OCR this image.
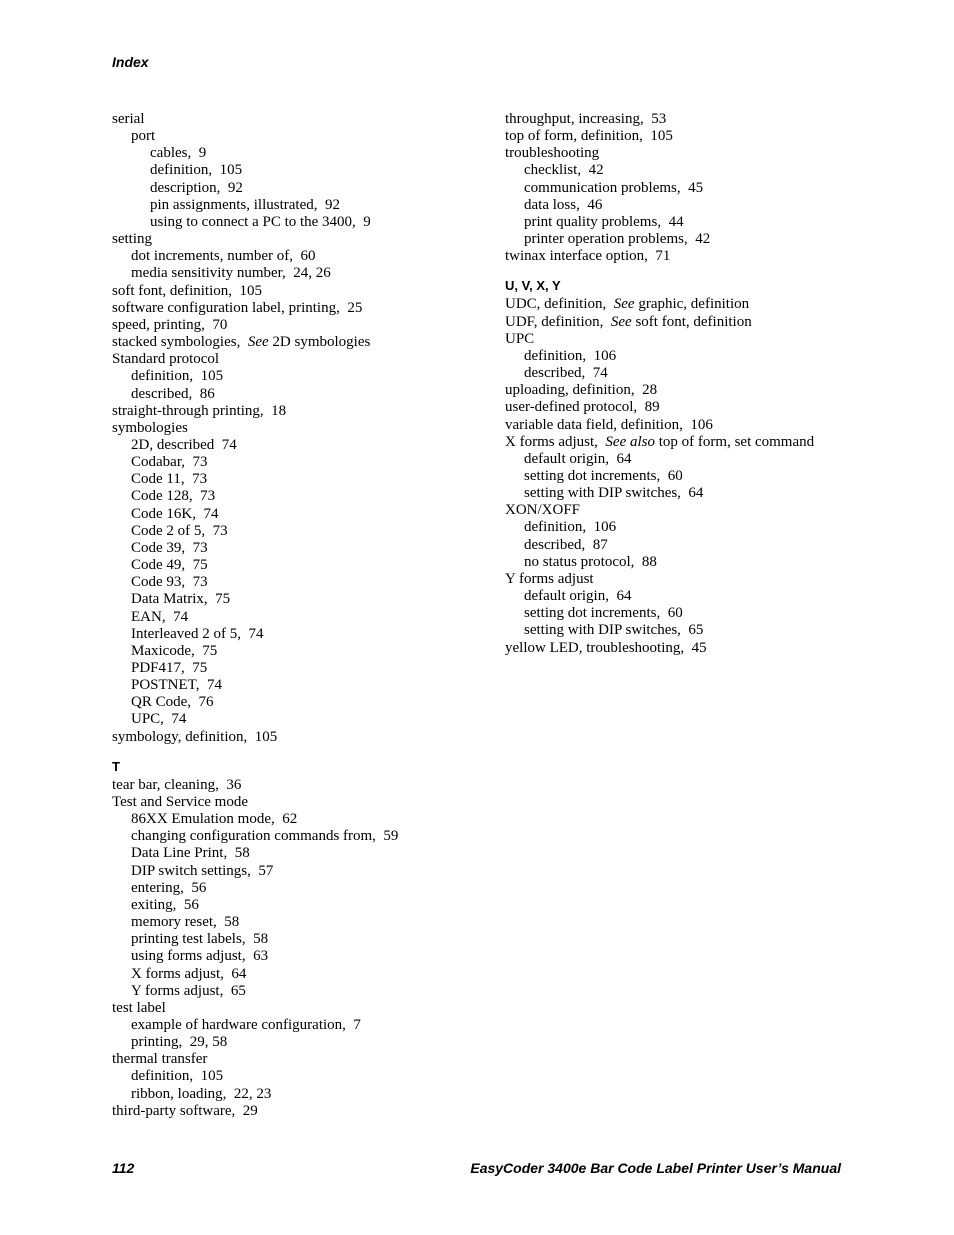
Index
serial
port
cables,  9
definition,  105
description,  92
pin assignments, illustrated,  92
using to connect a PC to the 3400,  9
setting
dot increments, number of,  60
media sensitivity number,  24, 26
soft font, definition,  105
software configuration label, printing,  25
speed, printing,  70
stacked symbologies, See 2D symbologies
Standard protocol
definition,  105
described,  86
straight-through printing,  18
symbologies
2D, described  74
Codabar,  73
Code 11,  73
Code 128,  73
Code 16K,  74
Code 2 of 5,  73
Code 39,  73
Code 49,  75
Code 93,  73
Data Matrix,  75
EAN,  74
Interleaved 2 of 5,  74
Maxicode,  75
PDF417,  75
POSTNET,  74
QR Code,  76
UPC,  74
symbology, definition,  105
T
tear bar, cleaning,  36
Test and Service mode
86XX Emulation mode,  62
changing configuration commands from,  59
Data Line Print,  58
DIP switch settings,  57
entering,  56
exiting,  56
memory reset,  58
printing test labels,  58
using forms adjust,  63
X forms adjust,  64
Y forms adjust,  65
test label
example of hardware configuration,  7
printing,  29, 58
thermal transfer
definition,  105
ribbon, loading,  22, 23
third-party software,  29
throughput, increasing,  53
top of form, definition,  105
troubleshooting
checklist,  42
communication problems,  45
data loss,  46
print quality problems,  44
printer operation problems,  42
twinax interface option,  71
U, V, X, Y
UDC, definition, See graphic, definition
UDF, definition, See soft font, definition
UPC
definition,  106
described,  74
uploading, definition,  28
user-defined protocol,  89
variable data field, definition,  106
X forms adjust, See also top of form, set command
default origin,  64
setting dot increments,  60
setting with DIP switches,  64
XON/XOFF
definition,  106
described,  87
no status protocol,  88
Y forms adjust
default origin,  64
setting dot increments,  60
setting with DIP switches,  65
yellow LED, troubleshooting,  45
112	EasyCoder 3400e Bar Code Label Printer User’s Manual
